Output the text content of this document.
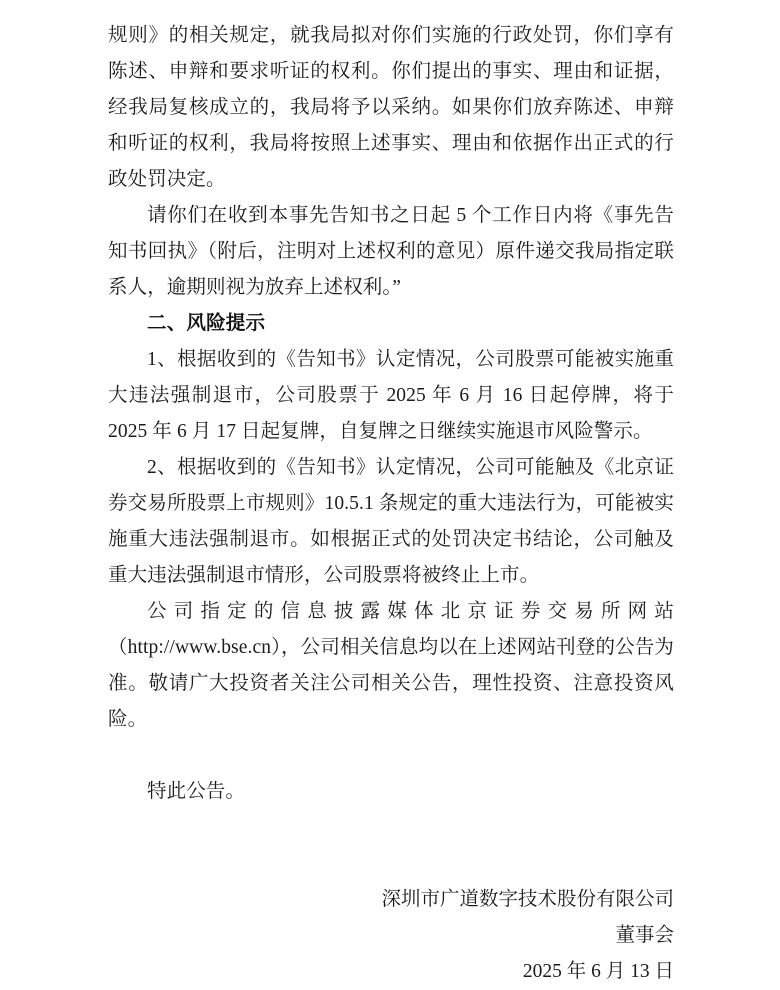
规则》的相关规定，就我局拟对你们实施的行政处罚，你们享有陈述、申辩和要求听证的权利。你们提出的事实、理由和证据，经我局复核成立的，我局将予以采纳。如果你们放弃陈述、申辩和听证的权利，我局将按照上述事实、理由和依据作出正式的行政处罚决定。

请你们在收到本事先告知书之日起 5 个工作日内将《事先告知书回执》（附后，注明对上述权利的意见）原件递交我局指定联系人，逾期则视为放弃上述权利。”

二、风险提示

1、根据收到的《告知书》认定情况，公司股票可能被实施重大违法强制退市，公司股票于 2025 年 6 月 16 日起停牌，将于 2025 年 6 月 17 日起复牌，自复牌之日继续实施退市风险警示。

2、根据收到的《告知书》认定情况，公司可能触及《北京证券交易所股票上市规则》10.5.1 条规定的重大违法行为，可能被实施重大违法强制退市。如根据正式的处罚决定书结论，公司触及重大违法强制退市情形，公司股票将被终止上市。

公司指定的信息披露媒体北京证券交易所网站（http://www.bse.cn），公司相关信息均以在上述网站刊登的公告为准。敬请广大投资者关注公司相关公告，理性投资、注意投资风险。

特此公告。

深圳市广道数字技术股份有限公司

董事会

2025 年 6 月 13 日
